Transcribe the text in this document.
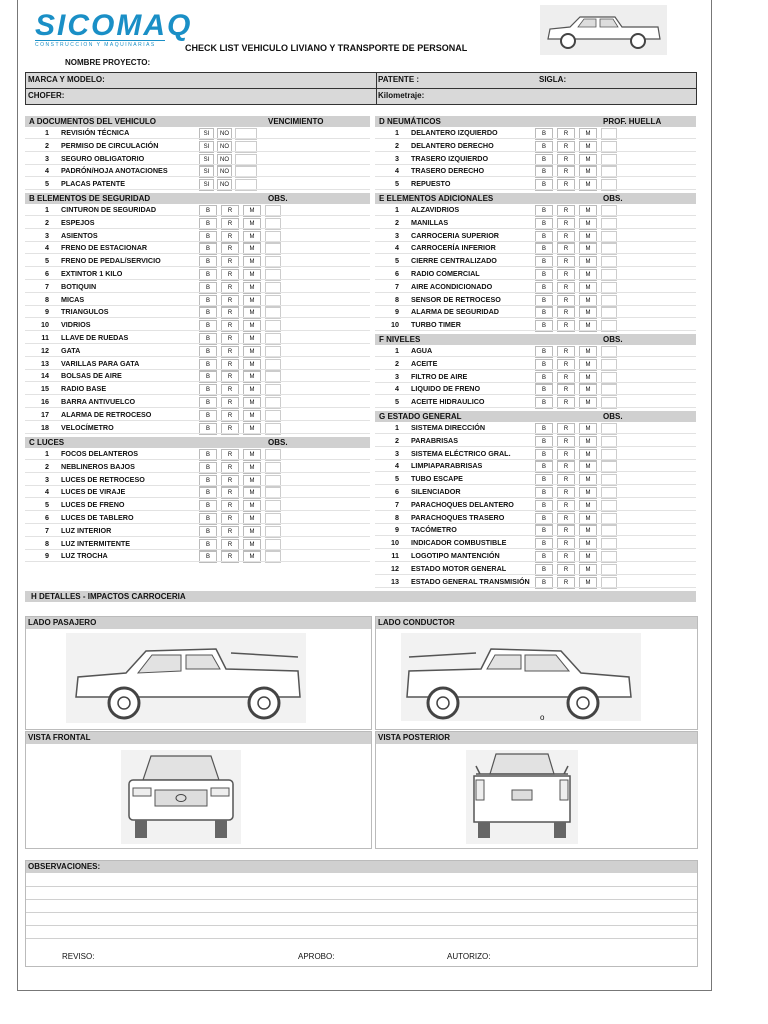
SICOMAQ
CONSTRUCCION Y MAQUINARIAS	CHECK LIST VEHICULO LIVIANO Y TRANSPORTE DE PERSONAL
NOMBRE PROYECTO:
MARCA Y MODELO:	PATENTE :	SIGLA:
CHOFER:	Kilometraje:
A DOCUMENTOS DEL VEHICULO	VENCIMIENTO
1 REVISIÓN TÉCNICA	SI	NO
2 PERMISO DE CIRCULACIÓN	SI	NO
3 SEGURO OBLIGATORIO	SI	NO
4 PADRÓN/HOJA ANOTACIONES	SI	NO
5 PLACAS PATENTE	SI	NO
B ELEMENTOS DE SEGURIDAD	OBS.
1 CINTURON DE SEGURIDAD	B	R	M
2 ESPEJOS	B	R	M
3 ASIENTOS	B	R	M
4 FRENO DE ESTACIONAR	B	R	M
5 FRENO DE PEDAL/SERVICIO	B	R	M
6 EXTINTOR 1 KILO	B	R	M
7 BOTIQUIN	B	R	M
8 MICAS	B	R	M
9 TRIANGULOS	B	R	M
10 VIDRIOS	B	R	M
11 LLAVE DE RUEDAS	B	R	M
12 GATA	B	R	M
13 VARILLAS PARA GATA	B	R	M
14 BOLSAS DE AIRE	B	R	M
15 RADIO BASE	B	R	M
16 BARRA ANTIVUELCO	B	R	M
17 ALARMA DE RETROCESO	B	R	M
18 VELOCÍMETRO	B	R	M
C LUCES	OBS.
1 FOCOS DELANTEROS	B	R	M
2 NEBLINEROS BAJOS	B	R	M
3 LUCES DE RETROCESO	B	R	M
4 LUCES DE VIRAJE	B	R	M
5 LUCES DE FRENO	B	R	M
6 LUCES DE TABLERO	B	R	M
7 LUZ INTERIOR	B	R	M
8 LUZ INTERMITENTE	B	R	M
9 LUZ TROCHA	B	R	M
D NEUMÁTICOS	PROF. HUELLA
1 DELANTERO IZQUIERDO	B	R	M
2 DELANTERO DERECHO	B	R	M
3 TRASERO IZQUIERDO	B	R	M
4 TRASERO DERECHO	B	R	M
5 REPUESTO	B	R	M
E ELEMENTOS ADICIONALES	OBS.
1 ALZAVIDRIOS	B	R	M
2 MANILLAS	B	R	M
3 CARROCERIA SUPERIOR	B	R	M
4 CARROCERÍA INFERIOR	B	R	M
5 CIERRE CENTRALIZADO	B	R	M
6 RADIO COMERCIAL	B	R	M
7 AIRE ACONDICIONADO	B	R	M
8 SENSOR DE RETROCESO	B	R	M
9 ALARMA DE SEGURIDAD	B	R	M
10 TURBO TIMER	B	R	M
F NIVELES	OBS.
1 AGUA	B	R	M
2 ACEITE	B	R	M
3 FILTRO DE AIRE	B	R	M
4 LIQUIDO DE FRENO	B	R	M
5 ACEITE HIDRAULICO	B	R	M
G ESTADO GENERAL	OBS.
1 SISTEMA DIRECCIÓN	B	R	M
2 PARABRISAS	B	R	M
3 SISTEMA ELÉCTRICO GRAL.	B	R	M
4 LIMPIAPARABRISAS	B	R	M
5 TUBO ESCAPE	B	R	M
6 SILENCIADOR	B	R	M
7 PARACHOQUES DELANTERO	B	R	M
8 PARACHOQUES TRASERO	B	R	M
9 TACÓMETRO	B	R	M
10 INDICADOR COMBUSTIBLE	B	R	M
11 LOGOTIPO MANTENCIÓN	B	R	M
12 ESTADO MOTOR GENERAL	B	R	M
13 ESTADO GENERAL TRANSMISIÓN	B	R	M
H DETALLES - IMPACTOS CARROCERIA
LADO PASAJERO	LADO CONDUCTOR
o
VISTA FRONTAL	VISTA POSTERIOR
OBSERVACIONES:
REVISO:	APROBO:	AUTORIZO:
